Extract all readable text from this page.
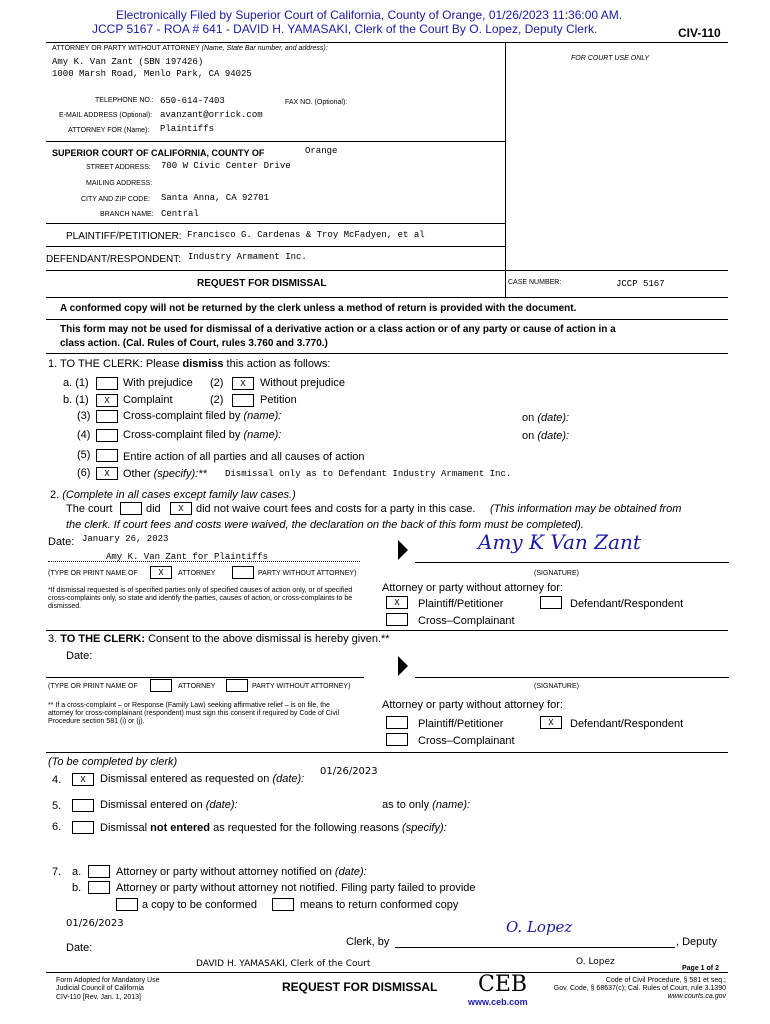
Electronically Filed by Superior Court of California, County of Orange, 01/26/2023 11:36:00 AM.
JCCP 5167 - ROA # 641 - DAVID H. YAMASAKI, Clerk of the Court By O. Lopez, Deputy Clerk.	CIV-110
ATTORNEY OR PARTY WITHOUT ATTORNEY (Name, State Bar number, and address):
FOR COURT USE ONLY
Amy K. Van Zant (SBN 197426)
1000 Marsh Road, Menlo Park, CA 94025
TELEPHONE NO.: 650-614-7403	FAX NO. (Optional):
E-MAIL ADDRESS (Optional): avanzant@orrick.com
ATTORNEY FOR (Name): Plaintiffs
SUPERIOR COURT OF CALIFORNIA, COUNTY OF	Orange
STREET ADDRESS: 700 W Civic Center Drive
MAILING ADDRESS:
CITY AND ZIP CODE: Santa Anna, CA 92701
BRANCH NAME: Central
PLAINTIFF/PETITIONER: Francisco G. Cardenas & Troy McFadyen, et al
DEFENDANT/RESPONDENT: Industry Armament Inc.
REQUEST FOR DISMISSAL	CASE NUMBER:	JCCP 5167
A conformed copy will not be returned by the clerk unless a method of return is provided with the document.
This form may not be used for dismissal of a derivative action or a class action or of any party or cause of action in a
class action. (Cal. Rules of Court, rules 3.760 and 3.770.)
1. TO THE CLERK: Please dismiss this action as follows:
a. (1)	With prejudice (2)	X	Without prejudice
b. (1)	X	Complaint	(2)	Petition
(3)	Cross-complaint filed by (name):	on (date):
(4)	Cross-complaint filed by (name):	on (date):
(5)	Entire action of all parties and all causes of action
(6)	X	Other (specify):** Dismissal only as to Defendant Industry Armament Inc.
2. (Complete in all cases except family law cases.)
The court	did	X	did not waive court fees and costs for a party in this case. (This information may be obtained from
the clerk. If court fees and costs were waived, the declaration on the back of this form must be completed).
Date: January 26, 2023
Amy K. Van Zant for Plaintiffs
Amy K Van Zant
(TYPE OR PRINT NAME OF	X	ATTORNEY	PARTY WITHOUT ATTORNEY)	(SIGNATURE)
*If dismissal requested is of specified parties only of specified causes of action only, or of specified cross-complaints only, so state and identify the parties, causes of action, or cross-complaints to be dismissed.
Attorney or party without attorney for:
X	Plaintiff/Petitioner	Defendant/Respondent
Cross–Complainant
3. TO THE CLERK: Consent to the above dismissal is hereby given.**
Date:
(TYPE OR PRINT NAME OF	ATTORNEY	PARTY WITHOUT ATTORNEY)	(SIGNATURE)
** If a cross-complaint – or Response (Family Law) seeking affirmative relief – is on file, the attorney for cross-complainant (respondent) must sign this consent if required by Code of Civil Procedure section 581 (i) or (j).
Attorney or party without attorney for:
Plaintiff/Petitioner	X	Defendant/Respondent
Cross–Complainant
(To be completed by clerk)
4.	X	Dismissal entered as requested on (date):
01/26/2023
5.	Dismissal entered on (date):	as to only (name):
6.	Dismissal not entered as requested for the following reasons (specify):
7. a.	Attorney or party without attorney notified on (date):
b.	Attorney or party without attorney not notified. Filing party failed to provide
a copy to be conformed	means to return conformed copy
01/26/2023
Date:	Clerk, by
O. Lopez
, Deputy
DAVID H. YAMASAKI, Clerk of the Court	O. Lopez
Page 1 of 2
Form Adopted for Mandatory Use
Judicial Council of California
CIV-110 [Rev. Jan. 1, 2013]
REQUEST FOR DISMISSAL CEB
www.ceb.com
Code of Civil Procedure, § 581 et seq.;
Gov. Code, § 68637(c); Cal. Rules of Court, rule 3.1390
www.courts.ca.gov
